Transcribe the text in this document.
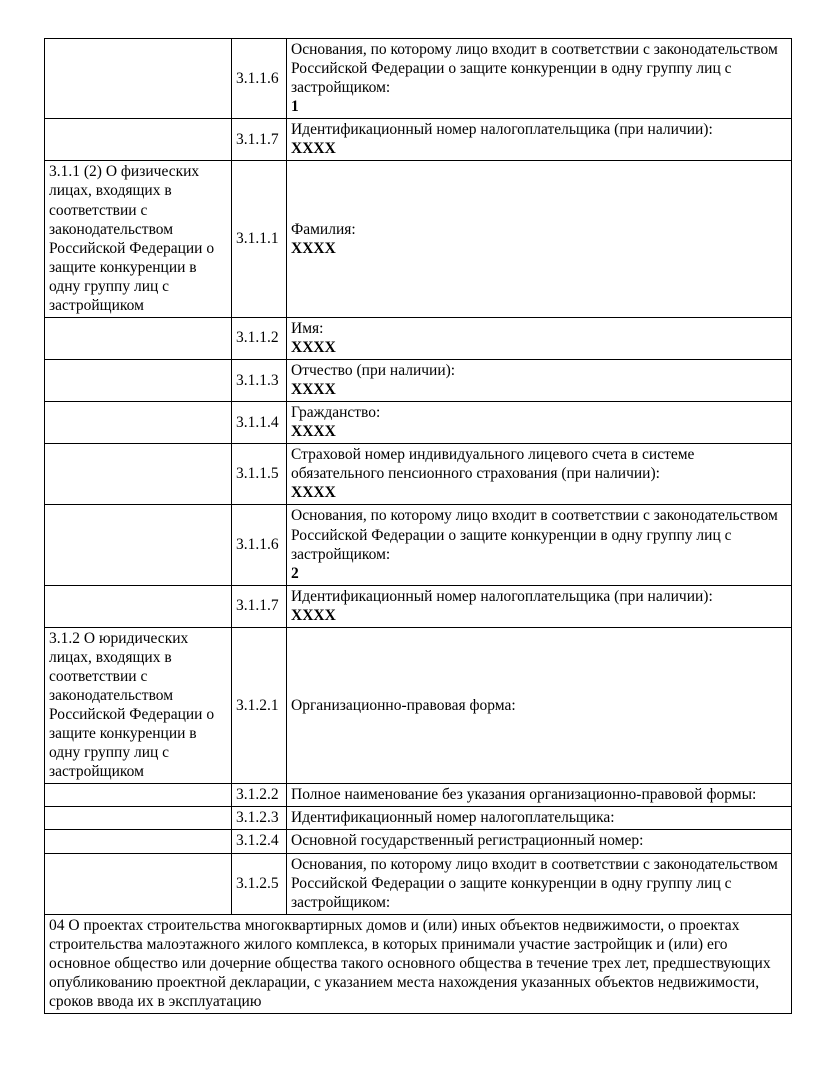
	3.1.1.6	Основания, по которому лицо входит в соответствии с законодательством Российской Федерации о защите конкуренции в одну группу лиц с застройщиком:
1

	3.1.1.7	Идентификационный номер налогоплательщика (при наличии):
ХХХХ

3.1.1 (2) О физических лицах, входящих в соответствии с законодательством Российской Федерации о защите конкуренции в одну группу лиц с застройщиком	3.1.1.1	Фамилия:
ХХХХ

	3.1.1.2	Имя:
ХХХХ

	3.1.1.3	Отчество (при наличии):
ХХХХ

	3.1.1.4	Гражданство:
ХХХХ

	3.1.1.5	Страховой номер индивидуального лицевого счета в системе обязательного пенсионного страхования (при наличии):
ХХХХ

	3.1.1.6	Основания, по которому лицо входит в соответствии с законодательством Российской Федерации о защите конкуренции в одну группу лиц с застройщиком:
2

	3.1.1.7	Идентификационный номер налогоплательщика (при наличии):
ХХХХ

3.1.2 О юридических лицах, входящих в соответствии с законодательством Российской Федерации о защите конкуренции в одну группу лиц с застройщиком	3.1.2.1	Организационно-правовая форма:

	3.1.2.2	Полное наименование без указания организационно-правовой формы:

	3.1.2.3	Идентификационный номер налогоплательщика:

	3.1.2.4	Основной государственный регистрационный номер:

	3.1.2.5	Основания, по которому лицо входит в соответствии с законодательством Российской Федерации о защите конкуренции в одну группу лиц с застройщиком:

04 О проектах строительства многоквартирных домов и (или) иных объектов недвижимости, о проектах строительства малоэтажного жилого комплекса, в которых принимали участие застройщик и (или) его основное общество или дочерние общества такого основного общества в течение трех лет, предшествующих опубликованию проектной декларации, с указанием места нахождения указанных объектов недвижимости, сроков ввода их в эксплуатацию		
